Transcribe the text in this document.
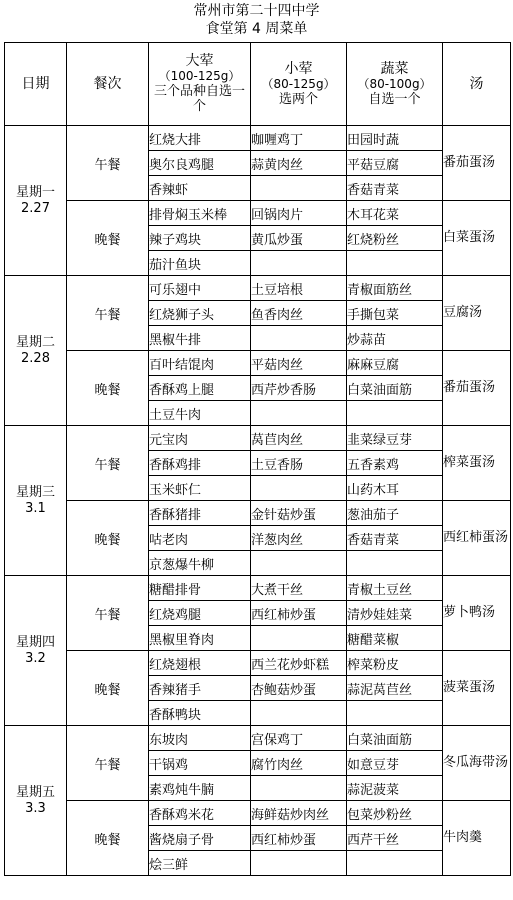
常州市第二十四中学
食堂第 4 周菜单
日期	餐次	大荤
（100-125g）
三个品种自选一
个	小荤
（80-125g）
选两个	蔬菜
（80-100g）
自选一个	汤

星期一
2.27	午餐	红烧大排	咖喱鸡丁	田园时蔬	番茄蛋汤
		奥尔良鸡腿	蒜黄肉丝	平菇豆腐	
		香辣虾		香菇青菜	
	晚餐	排骨焖玉米棒	回锅肉片	木耳花菜	白菜蛋汤
		辣子鸡块	黄瓜炒蛋	红烧粉丝	
		茄汁鱼块			

星期二
2.28	午餐	可乐翅中	土豆培根	青椒面筋丝	豆腐汤
		红烧狮子头	鱼香肉丝	手撕包菜	
		黑椒牛排		炒蒜苗	
	晚餐	百叶结馄肉	平菇肉丝	麻麻豆腐	番茄蛋汤
		香酥鸡上腿	西芹炒香肠	白菜油面筋	
		土豆牛肉			

星期三
3.1	午餐	元宝肉	莴苣肉丝	韭菜绿豆芽	榨菜蛋汤
		香酥鸡排	土豆香肠	五香素鸡	
		玉米虾仁		山药木耳	
	晚餐	香酥猪排	金针菇炒蛋	葱油茄子	西红柿蛋汤
		咕老肉	洋葱肉丝	香菇青菜	
		京葱爆牛柳			

星期四
3.2	午餐	糖醋排骨	大煮干丝	青椒土豆丝	萝卜鸭汤
		红烧鸡腿	西红柿炒蛋	清炒娃娃菜	
		黑椒里脊肉		糖醋菜椒	
	晚餐	红烧翅根	西兰花炒虾糕	榨菜粉皮	菠菜蛋汤
		香辣猪手	杏鲍菇炒蛋	蒜泥莴苣丝	
		香酥鸭块			

星期五
3.3	午餐	东坡肉	宫保鸡丁	白菜油面筋	冬瓜海带汤
		干锅鸡	腐竹肉丝	如意豆芽	
		素鸡炖牛腩		蒜泥菠菜	
	晚餐	香酥鸡米花	海鲜菇炒肉丝	包菜炒粉丝	牛肉羹
		酱烧扇子骨	西红柿炒蛋	西芹干丝	
		烩三鲜			
